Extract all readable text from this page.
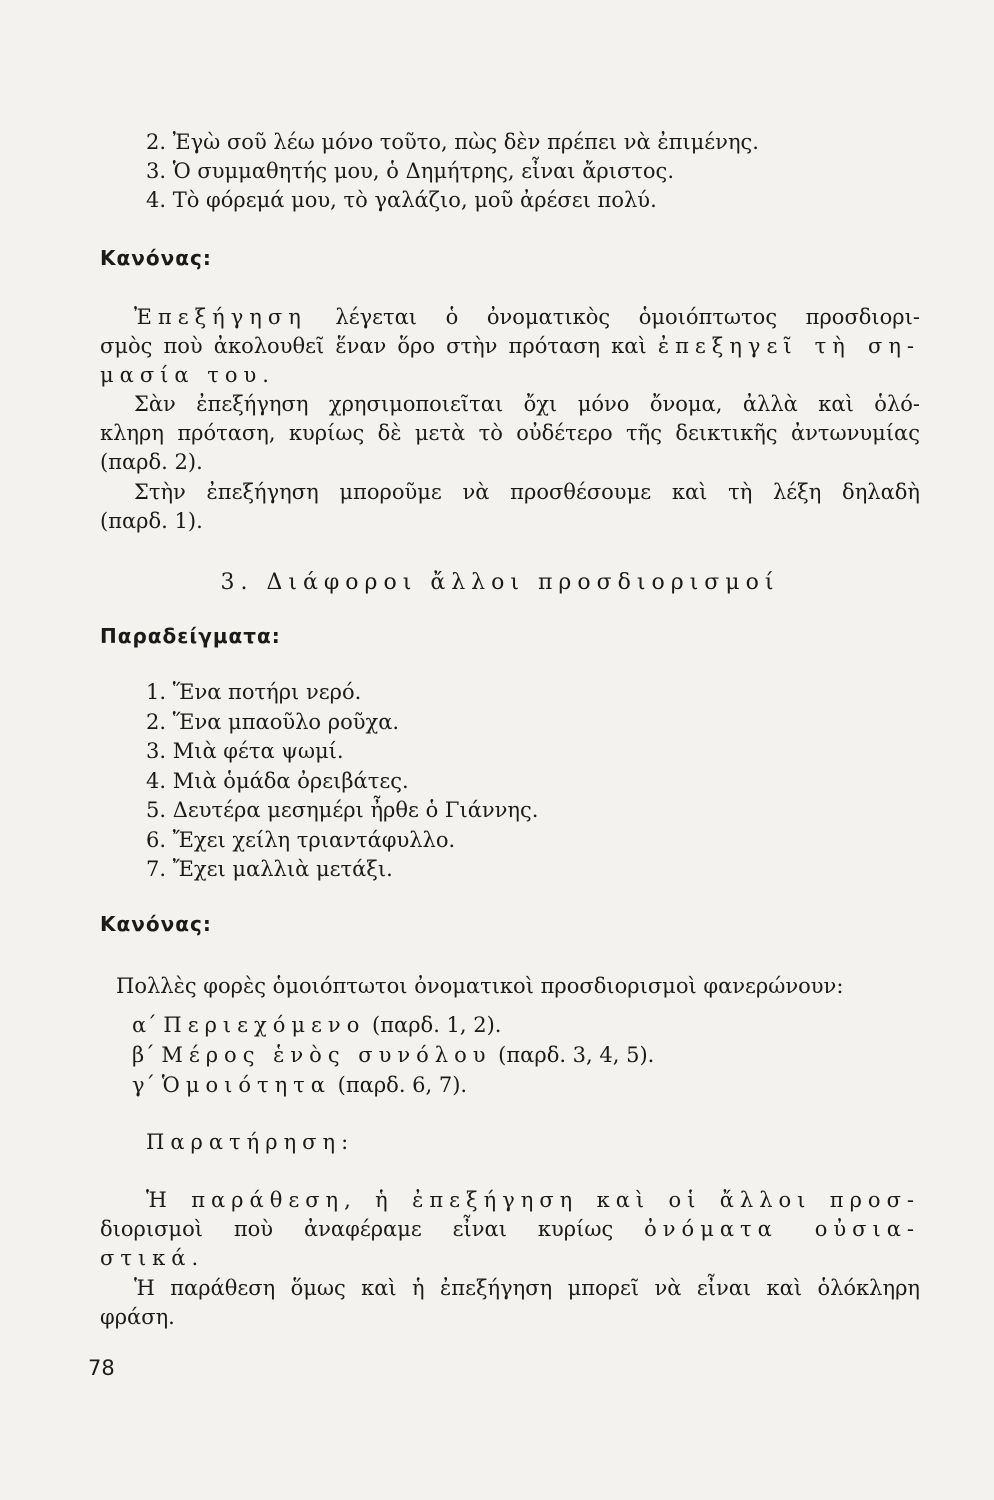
2. Ἐγὼ σοῦ λέω μόνο τοῦτο, πὼς δὲν πρέπει νὰ ἐπιμένης.
3. Ὁ συμμαθητής μου, ὁ Δημήτρης, εἶναι ἄριστος.
4. Τὸ φόρεμά μου, τὸ γαλάζιο, μοῦ ἀρέσει πολύ.
Κανόνας:
Ἐπεξήγηση λέγεται ὁ ὀνοματικὸς ὁμοιόπτωτος προσδιορι-
σμὸς ποὺ ἀκολουθεῖ ἕναν ὅρο στὴν πρόταση καὶ ἐπεξηγεῖ τὴ ση-
μασία του.
Σὰν ἐπεξήγηση χρησιμοποιεῖται ὄχι μόνο ὄνομα, ἀλλὰ καὶ ὁλό-
κληρη πρόταση, κυρίως δὲ μετὰ τὸ οὐδέτερο τῆς δεικτικῆς ἀντωνυμίας
(παρδ. 2).
Στὴν ἐπεξήγηση μποροῦμε νὰ προσθέσουμε καὶ τὴ λέξη δηλαδὴ
(παρδ. 1).
3. Διάφοροι ἄλλοι προσδιορισμοί
Παραδείγματα:
1. Ἕνα ποτήρι νερό.
2. Ἕνα μπαοῦλο ροῦχα.
3. Μιὰ φέτα ψωμί.
4. Μιὰ ὁμάδα ὀρειβάτες.
5. Δευτέρα μεσημέρι ἦρθε ὁ Γιάννης.
6. Ἔχει χείλη τριαντάφυλλο.
7. Ἔχει μαλλιὰ μετάξι.
Κανόνας:
Πολλὲς φορὲς ὁμοιόπτωτοι ὀνοματικοὶ προσδιορισμοὶ φανερώνουν:
α΄ Περιεχόμενο (παρδ. 1, 2).
β΄ Μέρος ἑνὸς συνόλου (παρδ. 3, 4, 5).
γ΄ Ὁμοιότητα (παρδ. 6, 7).
Παρατήρηση:
Ἡ παράθεση, ἡ ἐπεξήγηση καὶ οἱ ἄλλοι προσ-
διορισμοὶ ποὺ ἀναφέραμε εἶναι κυρίως ὀνόματα οὐσια-
στικά.
Ἡ παράθεση ὅμως καὶ ἡ ἐπεξήγηση μπορεῖ νὰ εἶναι καὶ ὁλόκληρη
φράση.
78
